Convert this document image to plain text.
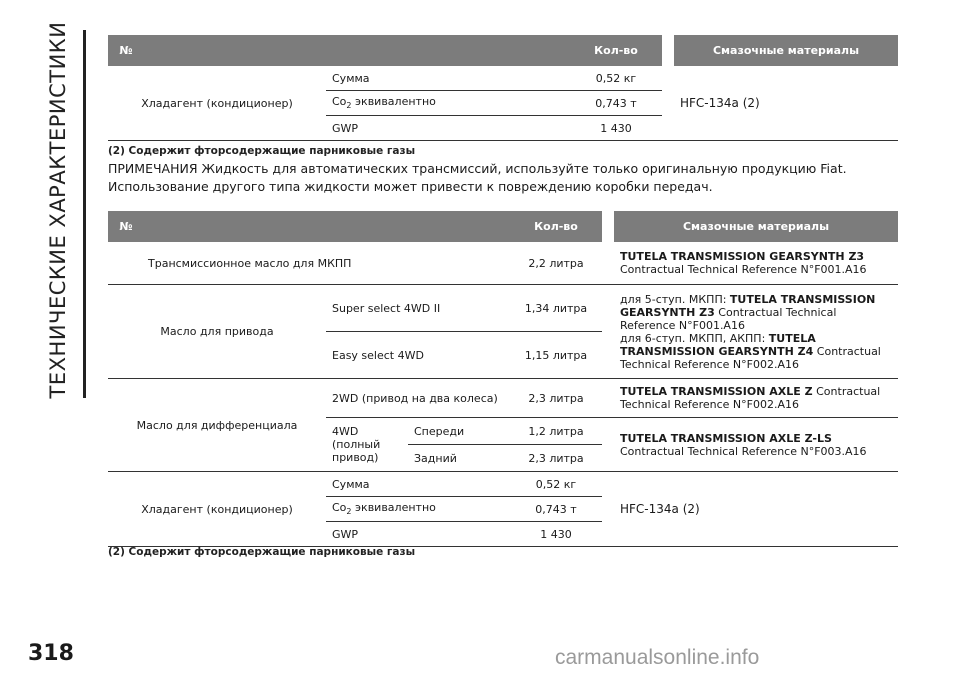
ТЕХНИЧЕСКИЕ ХАРАКТЕРИСТИКИ	№				Кол-во		Смазочные материалы
Хладагент (кондиционер)		Сумма		0,52 кг		HFC-134a (2)
		$Co_2$ эквивалентно		0,743 т		
		GWP		1 430		
(2) Содержит фторсодержащие парниковые газы
ПРИМЕЧАНИЯ Жидкость для автоматических трансмиссий, используйте только оригинальную продукцию Fiat. Использование другого типа жидкости может привести к повреждению коробки передач.
№				Кол-во		Смазочные материалы
Трансмиссионное масло для МКПП				2,2 литра		TUTELA TRANSMISSION GEARSYNTH Z3
Contractual Technical Reference N°F001.A16
Масло для привода		Super select 4WD II		1,34 литра		для 5-ступ. МКПП: TUTELA TRANSMISSION GEARSYNTH Z3 Contractual Technical Reference N°F001.A16
для 6-ступ. МКПП, АКПП: TUTELA TRANSMISSION GEARSYNTH Z4 Contractual Technical Reference N°F002.A16
		Easy select 4WD		1,15 литра		
Масло для дифференциала		2WD (привод на два колеса)		2,3 литра		TUTELA TRANSMISSION AXLE Z Contractual Technical Reference N°F002.A16
		4WD (полный привод)	Спереди	1,2 литра		TUTELA TRANSMISSION AXLE Z-LS Contractual Technical Reference N°F003.A16
			Задний	2,3 литра		
Хладагент (кондиционер)		Сумма		0,52 кг		HFC-134a (2)
		$Co_2$ эквивалентно		0,743 т		
		GWP		1 430		
(2) Содержит фторсодержащие парниковые газы
318	carmanualsonline.info
